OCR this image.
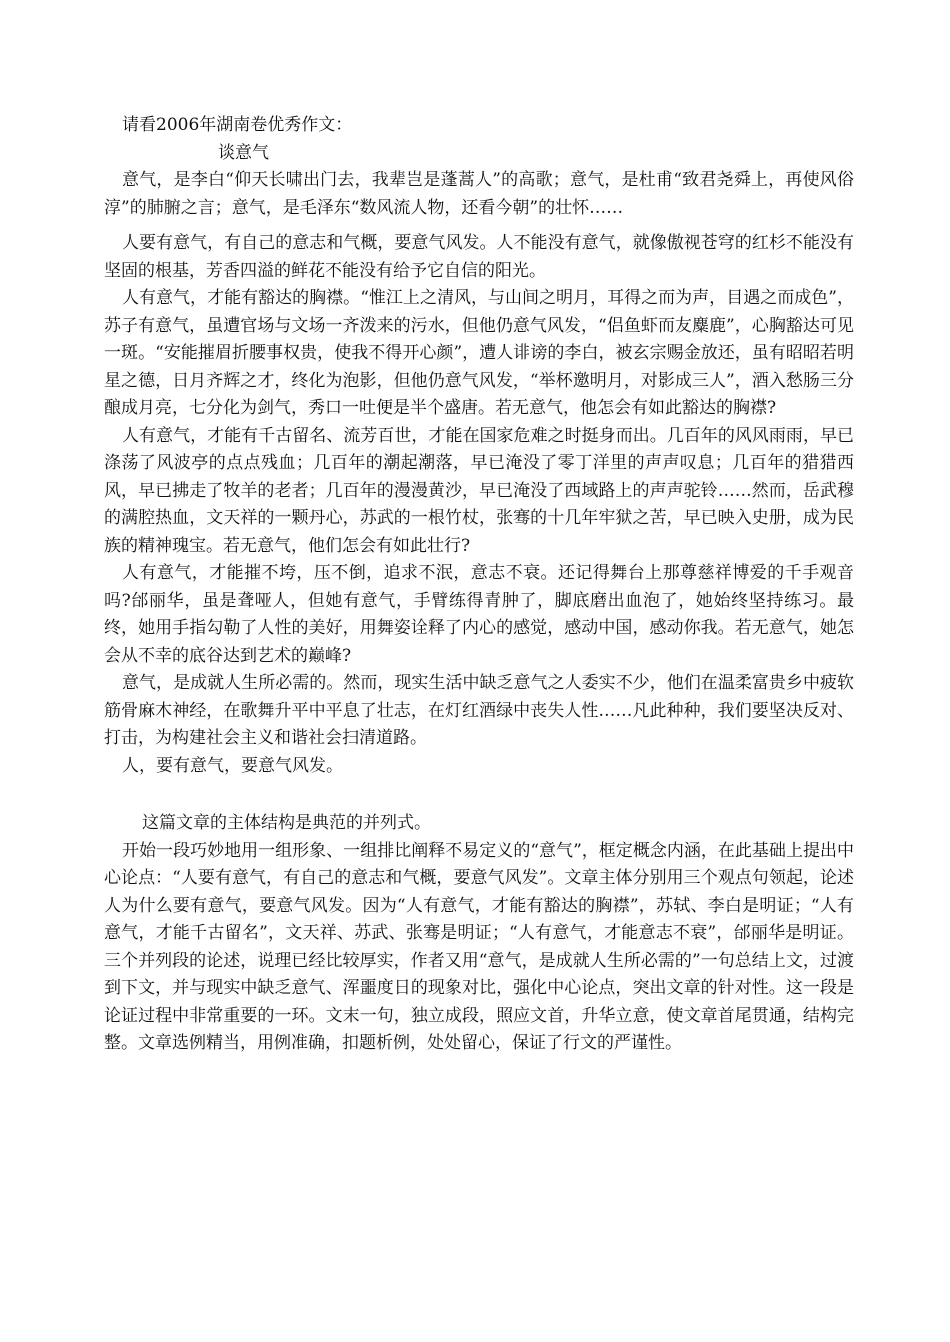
请看2006年湖南卷优秀作文：

谈意气

意气，是李白“仰天长啸出门去，我辈岂是蓬蒿人”的高歌；意气，是杜甫“致君尧舜上，再使风俗淳”的肺腑之言；意气，是毛泽东“数风流人物，还看今朝”的壮怀……

人要有意气，有自己的意志和气概，要意气风发。人不能没有意气，就像傲视苍穹的红杉不能没有坚固的根基，芳香四溢的鲜花不能没有给予它自信的阳光。

人有意气，才能有豁达的胸襟。“惟江上之清风，与山间之明月，耳得之而为声，目遇之而成色”，苏子有意气，虽遭官场与文场一齐泼来的污水，但他仍意气风发，“侣鱼虾而友麋鹿”，心胸豁达可见一斑。“安能摧眉折腰事权贵，使我不得开心颜”，遭人诽谤的李白，被玄宗赐金放还，虽有昭昭若明星之德，日月齐辉之才，终化为泡影，但他仍意气风发，“举杯邀明月，对影成三人”，酒入愁肠三分酿成月亮，七分化为剑气，秀口一吐便是半个盛唐。若无意气，他怎会有如此豁达的胸襟?

人有意气，才能有千古留名、流芳百世，才能在国家危难之时挺身而出。几百年的风风雨雨，早已涤荡了风波亭的点点残血；几百年的潮起潮落，早已淹没了零丁洋里的声声叹息；几百年的猎猎西风，早已拂走了牧羊的老者；几百年的漫漫黄沙，早已淹没了西域路上的声声驼铃……然而，岳武穆的满腔热血，文天祥的一颗丹心，苏武的一根竹杖，张骞的十几年牢狱之苦，早已映入史册，成为民族的精神瑰宝。若无意气，他们怎会有如此壮行?

人有意气，才能摧不垮，压不倒，追求不泯，意志不衰。还记得舞台上那尊慈祥博爱的千手观音吗?邰丽华，虽是聋哑人，但她有意气，手臂练得青肿了，脚底磨出血泡了，她始终坚持练习。最终，她用手指勾勒了人性的美好，用舞姿诠释了内心的感觉，感动中国，感动你我。若无意气，她怎会从不幸的底谷达到艺术的巅峰?

意气，是成就人生所必需的。然而，现实生活中缺乏意气之人委实不少，他们在温柔富贵乡中疲软筋骨麻木神经，在歌舞升平中平息了壮志，在灯红酒绿中丧失人性……凡此种种，我们要坚决反对、打击，为构建社会主义和谐社会扫清道路。

人，要有意气，要意气风发。

这篇文章的主体结构是典范的并列式。

开始一段巧妙地用一组形象、一组排比阐释不易定义的“意气”，框定概念内涵，在此基础上提出中心论点：“人要有意气，有自己的意志和气概，要意气风发”。文章主体分别用三个观点句领起，论述人为什么要有意气，要意气风发。因为“人有意气，才能有豁达的胸襟”，苏轼、李白是明证；“人有意气，才能千古留名”，文天祥、苏武、张骞是明证；“人有意气，才能意志不衰”，邰丽华是明证。三个并列段的论述，说理已经比较厚实，作者又用“意气，是成就人生所必需的”一句总结上文，过渡到下文，并与现实中缺乏意气、浑噩度日的现象对比，强化中心论点，突出文章的针对性。这一段是论证过程中非常重要的一环。文末一句，独立成段，照应文首，升华立意，使文章首尾贯通，结构完整。文章选例精当，用例准确，扣题析例，处处留心，保证了行文的严谨性。
